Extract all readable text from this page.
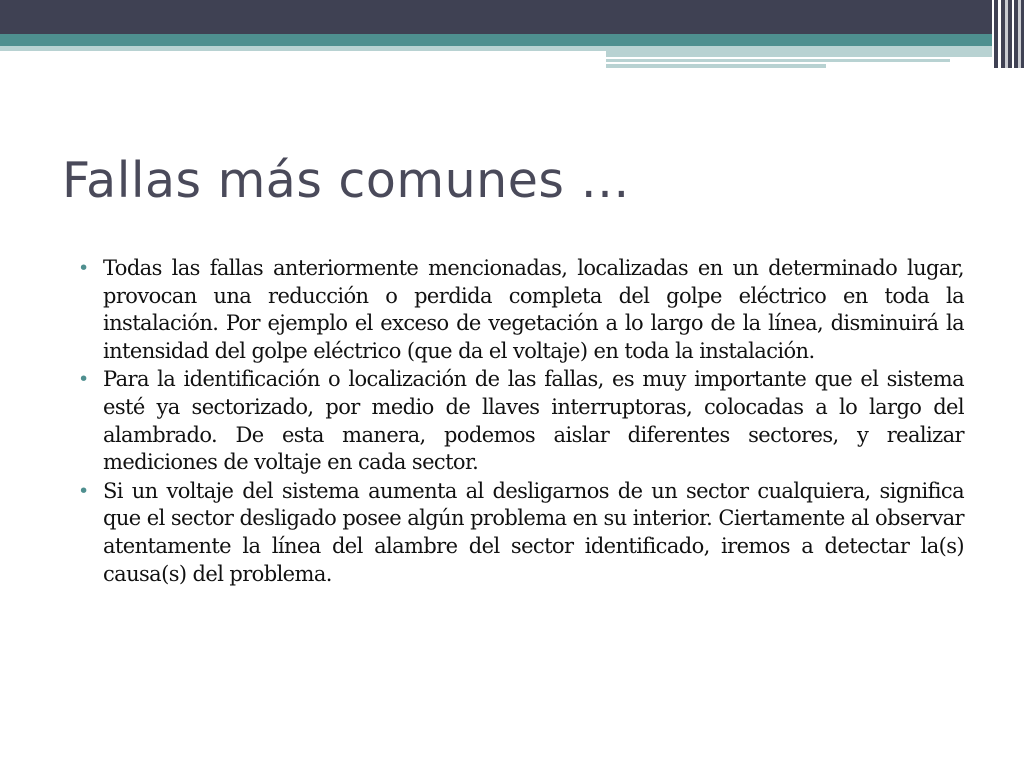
Fallas más comunes …
• Todas las fallas anteriormente mencionadas, localizadas en un determinado lugar, provocan una reducción o perdida completa del golpe eléctrico en toda la instalación. Por ejemplo el exceso de vegetación a lo largo de la línea, disminuirá la intensidad del golpe eléctrico (que da el voltaje) en toda la instalación.
• Para la identificación o localización de las fallas, es muy importante que el sistema esté ya sectorizado, por medio de llaves interruptoras, colocadas a lo largo del alambrado. De esta manera, podemos aislar diferentes sectores, y realizar mediciones de voltaje en cada sector.
• Si un voltaje del sistema aumenta al desligarnos de un sector cualquiera, significa que el sector desligado posee algún problema en su interior. Ciertamente al observar atentamente la línea del alambre del sector identificado, iremos a detectar la(s) causa(s) del problema.
